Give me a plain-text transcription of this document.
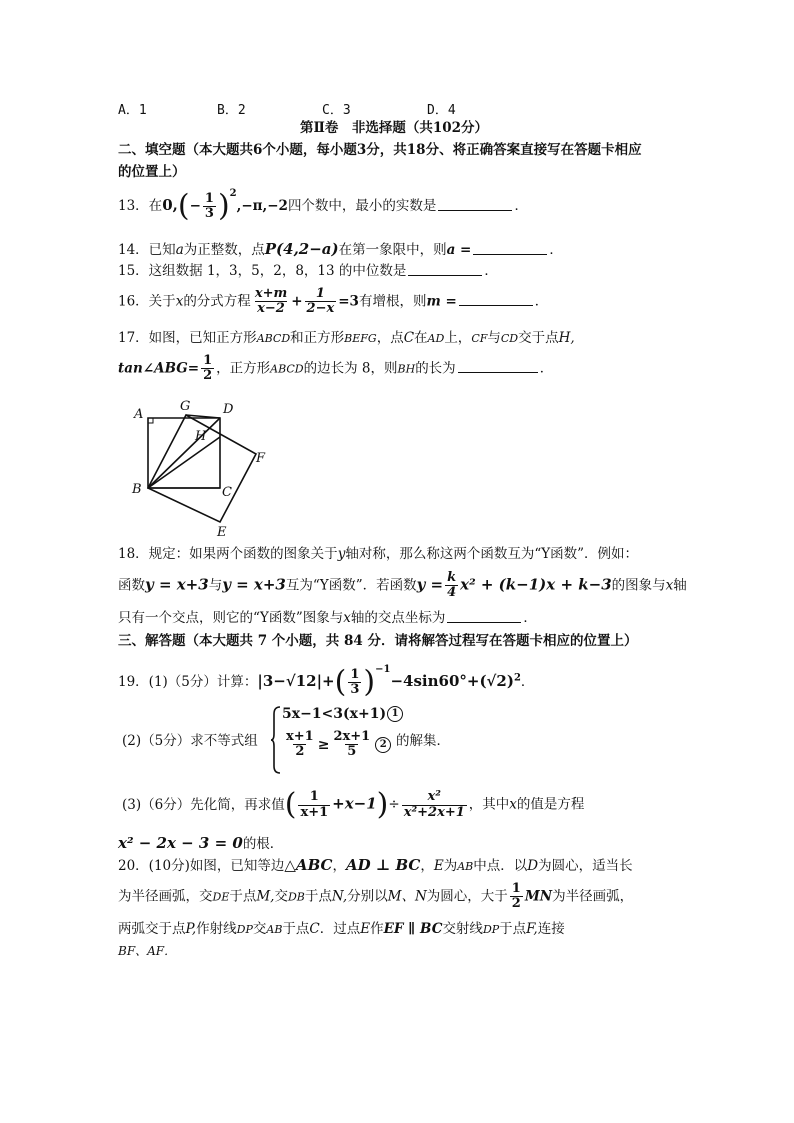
A．1	B．2	C．3	D．4
第Ⅱ卷　非选择题（共102分）
二、填空题（本大题共6个小题，每小题3分，共18分、将正确答案直接写在答题卡相应
的位置上）
13．在$0,(- \frac{1}{3} )^2,-\pi,-2$四个数中，最小的实数是	．
14．已知a为正整数，点P(4,2−a)在第一象限中，则a =	．
15．这组数据 1，3，5，2，8，13 的中位数是	．
16．关于x的分式方程 $\frac{x+m}{x-2} + \frac{1}{2-x} =3$有增根，则m =	．
17．如图，已知正方形ABCD和正方形BEFG，点C在AD上，CF与CD交于点H,
tan∠ABG= $\frac{1}{2}$ ，正方形ABCD的边长为 8，则BH的长为	．
A
G	D
H
F
B	C
E
18．规定：如果两个函数的图象关于y轴对称，那么称这两个函数互为“Y函数”．例如：
函数y = x+3与y = x+3互为“Y函数”．若函数$y = \frac{k}{4} x^2 + (k-1)x + k-3$的图象与x轴
只有一个交点，则它的“Y函数”图象与x轴的交点坐标为	．
三、解答题（本大题共 7 个小题，共 84 分．请将解答过程写在答题卡相应的位置上）
19．(1)（5分）计算：$|3-√12|+( \frac{1}{3} )^{-1}-4\sin 60^\circ+(√2)^2$．
(2)（5分）求不等式组
5x−1<3(x+1) 1
$\frac{x+1}{2} \ge \frac{2x+1}{5} 2$ 的解集．
(3)（6分）先化简，再求值( $\frac{1}{x+1} +x-1)\div \frac{\text{x²}}{\text{x²+2x+1}}$ ，其中x的值是方程
x² − 2x − 3 = 0的根．
20．(10分)如图，已知等边△ABC，AD ⊥ BC，E为AB中点．以D为圆心，适当长
为半径画弧，交DE于点M,交DB于点N,分别以M、N为圆心，大于 $\frac{1}{2}$ MN为半径画弧，
两弧交于点P,作射线DP交AB于点C．过点E作EF ∥ BC交射线DP于点F,连接
BF、AF．
